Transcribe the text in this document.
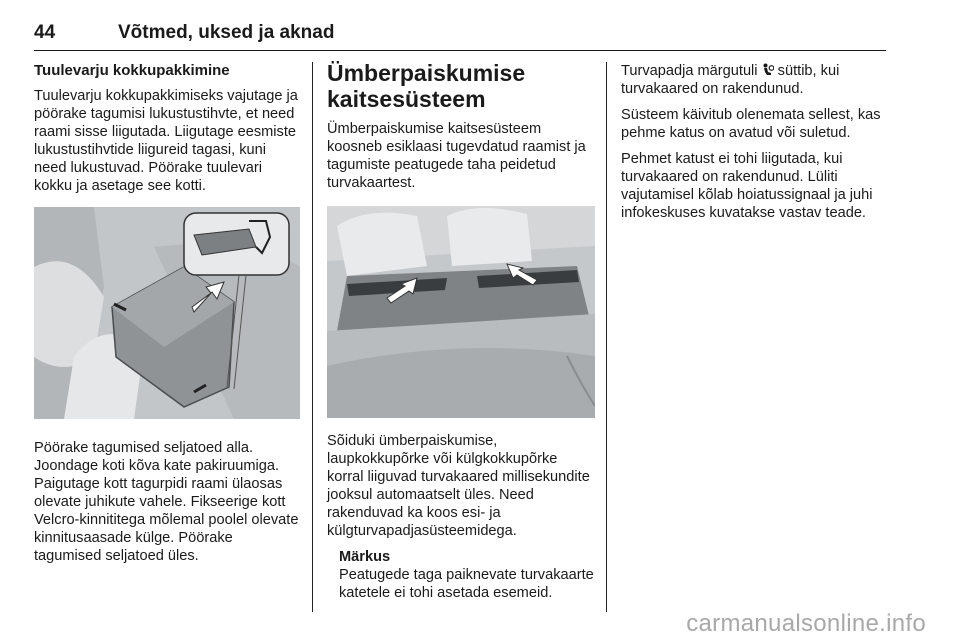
44	Võtmed, uksed ja aknad
Tuulevarju kokkupakkimine

Tuulevarju kokkupakkimiseks vajutage ja pöörake tagumisi lukustustihvte, et need raami sisse liigutada. Liigutage eesmiste lukustustihvtide liigureid tagasi, kuni need lukustuvad. Pöörake tuulevari kokku ja asetage see kotti.

Pöörake tagumised seljatoed alla. Joondage koti kõva kate pakiruumiga. Paigutage kott tagurpidi raami ülaosas olevate juhikute vahele. Fikseerige kott Velcro-kinnititega mõlemal poolel olevate kinnitusaasade külge. Pöörake tagumised seljatoed üles.

Ümberpaiskumise kaitsesüsteem

Ümberpaiskumise kaitsesüsteem koosneb esiklaasi tugevdatud raamist ja tagumiste peatugede taha peidetud turvakaartest.

Sõiduki ümberpaiskumise, laupkokkupõrke või külgkokkupõrke korral liiguvad turvakaared millisekundite jooksul automaatselt üles. Need rakenduvad ka koos esi- ja külgturvapadjasüsteemidega.

Märkus

Peatugede taga paiknevate turvakaarte katetele ei tohi asetada esemeid.

Turvapadja märgutuli süttib, kui turvakaared on rakendunud.

Süsteem käivitub olenemata sellest, kas pehme katus on avatud või suletud.

Pehmet katust ei tohi liigutada, kui turvakaared on rakendunud. Lüliti vajutamisel kõlab hoiatussignaal ja juhi infokeskuses kuvatakse vastav teade.

carmanualsonline.info
